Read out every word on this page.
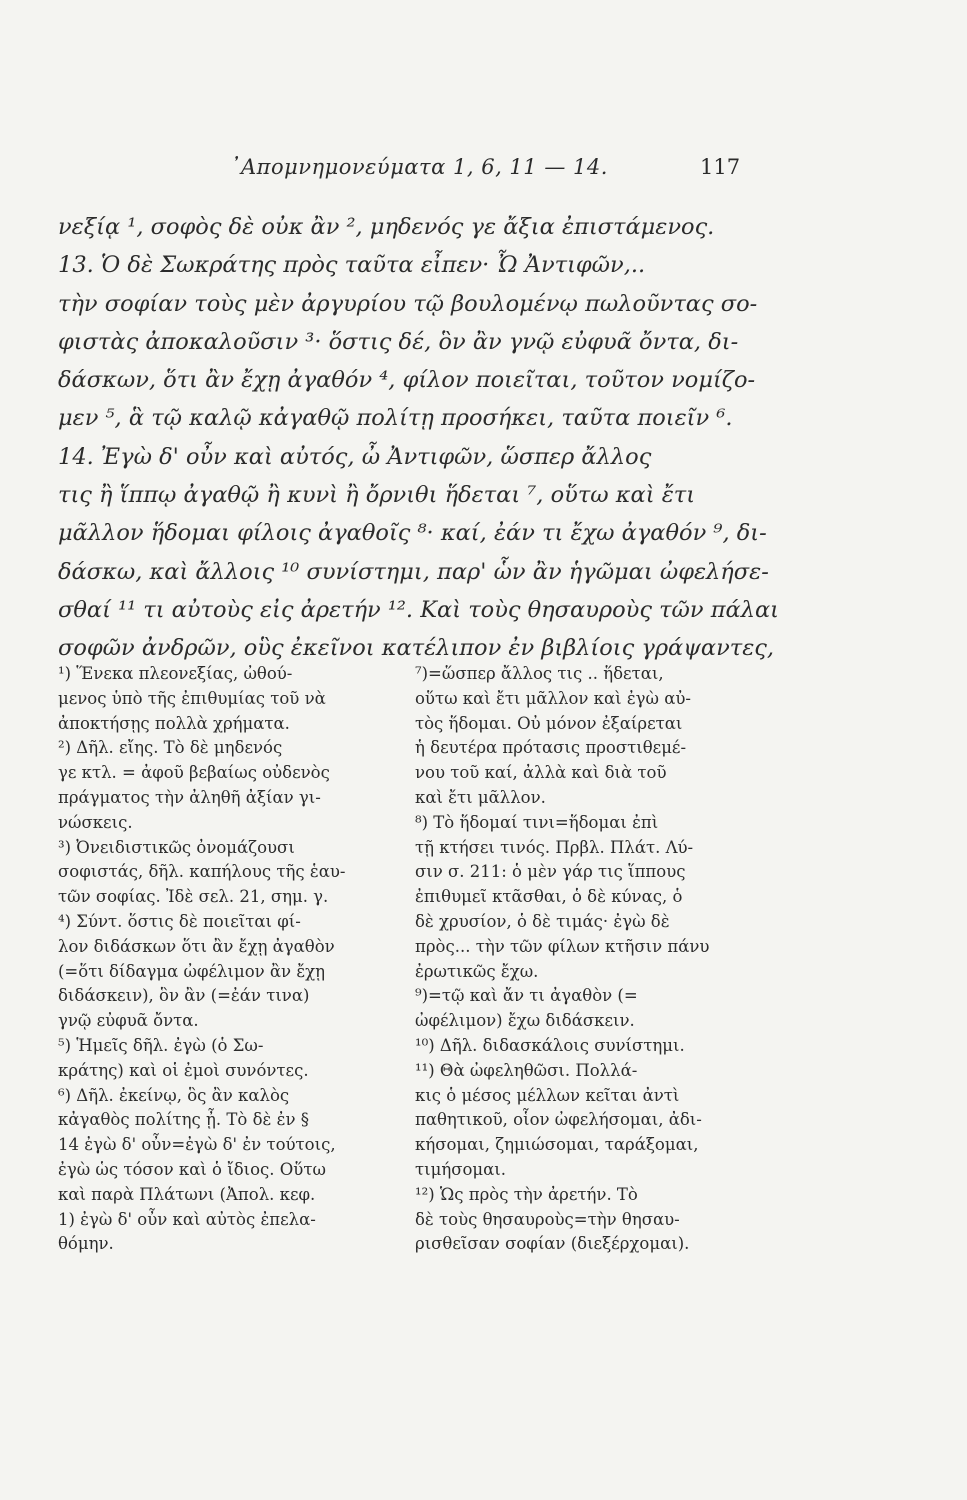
᾿Απομνημονεύματα 1, 6, 11 — 14.	117
νεξίᾳ ¹, σοφὸς δὲ οὐκ ἂν ², μηδενός γε ἄξια ἐπιστάμενος.
13. Ὁ δὲ Σωκράτης πρὸς ταῦτα εἶπεν· Ὦ Ἀντιφῶν,..
τὴν σοφίαν τοὺς μὲν ἀργυρίου τῷ βουλομένῳ πωλοῦντας σο-
φιστὰς ἀποκαλοῦσιν ³· ὅστις δέ, ὃν ἂν γνῷ εὐφυᾶ ὄντα, δι-
δάσκων, ὅτι ἂν ἔχῃ ἀγαθόν ⁴, φίλον ποιεῖται, τοῦτον νομίζο-
μεν ⁵, ἃ τῷ καλῷ κἀγαθῷ πολίτῃ προσήκει, ταῦτα ποιεῖν ⁶.
14. Ἐγὼ δ' οὖν καὶ αὐτός, ὦ Ἀντιφῶν, ὥσπερ ἄλλος
τις ἢ ἵππῳ ἀγαθῷ ἢ κυνὶ ἢ ὄρνιθι ἥδεται ⁷, οὕτω καὶ ἔτι
μᾶλλον ἥδομαι φίλοις ἀγαθοῖς ⁸· καί, ἐάν τι ἔχω ἀγαθόν ⁹, δι-
δάσκω, καὶ ἄλλοις ¹⁰ συνίστημι, παρ' ὧν ἂν ἡγῶμαι ὠφελήσε-
σθαί ¹¹ τι αὐτοὺς εἰς ἀρετήν ¹². Καὶ τοὺς θησαυροὺς τῶν πάλαι
σοφῶν ἀνδρῶν, οὓς ἐκεῖνοι κατέλιπον ἐν βιβλίοις γράψαντες,
¹) Ἕνεκα πλεονεξίας, ὠθού-
μενος ὑπὸ τῆς ἐπιθυμίας τοῦ νὰ
ἀποκτήσῃς πολλὰ χρήματα.
²) Δῆλ. εἴης. Τὸ δὲ μηδενός
γε κτλ. = ἀφοῦ βεβαίως οὐδενὸς
πράγματος τὴν ἀληθῆ ἀξίαν γι-
νώσκεις.
³) Ὀνειδιστικῶς ὀνομάζουσι
σοφιστάς, δῆλ. καπήλους τῆς ἑαυ-
τῶν σοφίας. Ἰδὲ σελ. 21, σημ. γ.
⁴) Σύντ. ὅστις δὲ ποιεῖται φί-
λον διδάσκων ὅτι ἂν ἔχῃ ἀγαθὸν
(=ὅτι δίδαγμα ὠφέλιμον ἂν ἔχῃ
διδάσκειν), ὃν ἂν (=ἐάν τινα)
γνῷ εὐφυᾶ ὄντα.
⁵) Ἡμεῖς δῆλ. ἐγὼ (ὁ Σω-
κράτης) καὶ οἱ ἐμοὶ συνόντες.
⁶) Δῆλ. ἐκείνῳ, ὃς ἂν καλὸς
κἀγαθὸς πολίτης ᾖ. Τὸ δὲ ἐν §
14 ἐγὼ δ' οὖν=ἐγὼ δ' ἐν τούτοις,
ἐγὼ ὡς τόσον καὶ ὁ ἴδιος. Οὕτω
καὶ παρὰ Πλάτωνι (Ἀπολ. κεφ.
1) ἐγὼ δ' οὖν καὶ αὐτὸς ἐπελα-
θόμην.
⁷)=ὥσπερ ἄλλος τις .. ἥδεται,
οὕτω καὶ ἔτι μᾶλλον καὶ ἐγὼ αὐ-
τὸς ἥδομαι. Οὐ μόνον ἐξαίρεται
ἡ δευτέρα πρότασις προστιθεμέ-
νου τοῦ καί, ἀλλὰ καὶ διὰ τοῦ
καὶ ἔτι μᾶλλον.
⁸) Τὸ ἥδομαί τινι=ἥδομαι ἐπὶ
τῇ κτήσει τινός. Πρβλ. Πλάτ. Λύ-
σιν σ. 211: ὁ μὲν γάρ τις ἵππους
ἐπιθυμεῖ κτᾶσθαι, ὁ δὲ κύνας, ὁ
δὲ χρυσίον, ὁ δὲ τιμάς· ἐγὼ δὲ
πρὸς... τὴν τῶν φίλων κτῆσιν πάνυ
ἐρωτικῶς ἔχω.
⁹)=τῷ καὶ ἄν τι ἀγαθὸν (=
ὠφέλιμον) ἔχω διδάσκειν.
¹⁰) Δῆλ. διδασκάλοις συνίστημι.
¹¹) Θὰ ὠφεληθῶσι. Πολλά-
κις ὁ μέσος μέλλων κεῖται ἀντὶ
παθητικοῦ, οἷον ὠφελήσομαι, ἀδι-
κήσομαι, ζημιώσομαι, ταράξομαι,
τιμήσομαι.
¹²) Ὡς πρὸς τὴν ἀρετήν. Τὸ
δὲ τοὺς θησαυροὺς=τὴν θησαυ-
ρισθεῖσαν σοφίαν (διεξέρχομαι).
